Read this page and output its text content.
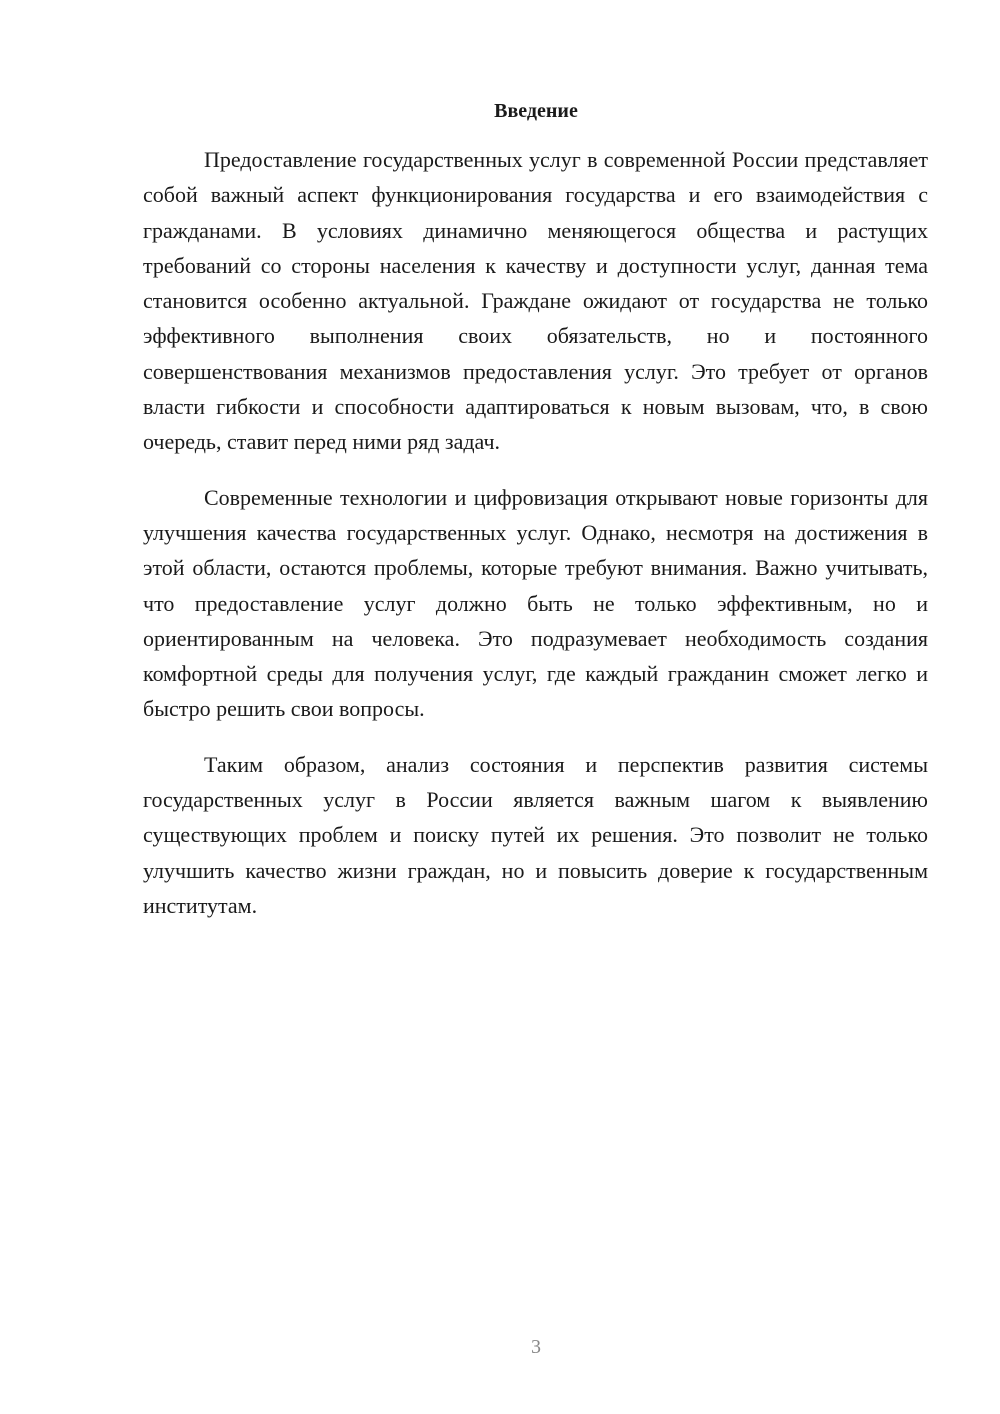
Введение

Предоставление государственных услуг в современной России представляет собой важный аспект функционирования государства и его взаимодействия с гражданами. В условиях динамично меняющегося общества и растущих требований со стороны населения к качеству и доступности услуг, данная тема становится особенно актуальной. Граждане ожидают от государства не только эффективного выполнения своих обязательств, но и постоянного совершенствования механизмов предоставления услуг. Это требует от органов власти гибкости и способности адаптироваться к новым вызовам, что, в свою очередь, ставит перед ними ряд задач.

Современные технологии и цифровизация открывают новые горизонты для улучшения качества государственных услуг. Однако, несмотря на достижения в этой области, остаются проблемы, которые требуют внимания. Важно учитывать, что предоставление услуг должно быть не только эффективным, но и ориентированным на человека. Это подразумевает необходимость создания комфортной среды для получения услуг, где каждый гражданин сможет легко и быстро решить свои вопросы.

Таким образом, анализ состояния и перспектив развития системы государственных услуг в России является важным шагом к выявлению существующих проблем и поиску путей их решения. Это позволит не только улучшить качество жизни граждан, но и повысить доверие к государственным институтам.

3
